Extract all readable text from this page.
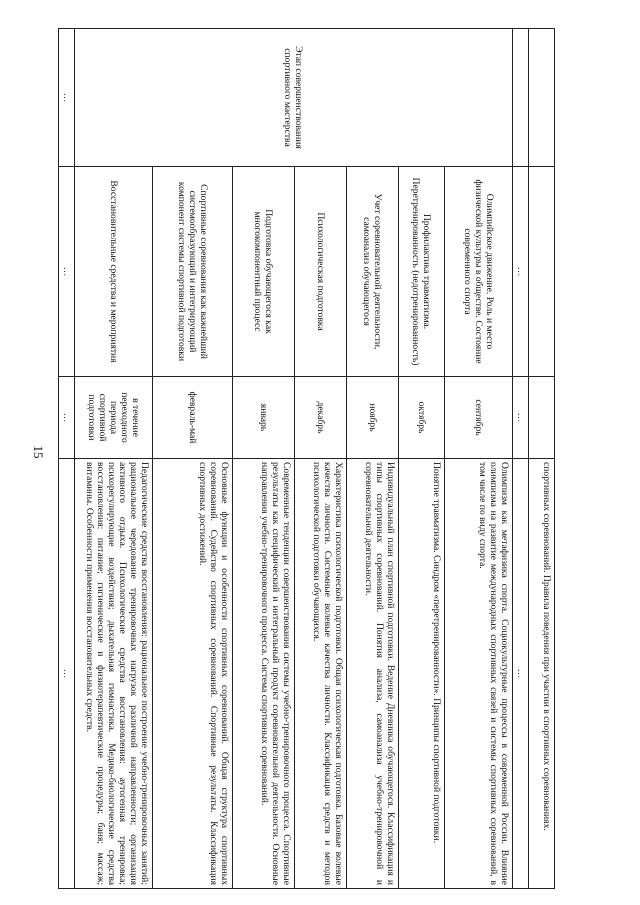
15
			спортивных соревнований. Правила поведения при участии в спортивных соревнованиях.
	…	…	…
Этап совершенствования спортивного мастерства	Олимпийское движение. Роль и место физической культуры в обществе. Состояние современного спорта	сентябрь	Олимпизм как метафизика спорта. Социокультурные процессы в современной России. Влияние олимпизма на развитие международных спортивных связей и системы спортивных соревнований, в том числе по виду спорта.
	Профилактика травматизма. Перетренированность (недотренированность)	октябрь	Понятие травматизма. Синдром «перетренированности». Принципы спортивной подготовки.
	Учет соревновательной деятельности, самоанализ обучающегося	ноябрь	Индивидуальный план спортивной подготовки. Ведение Дневника обучающегося. Классификация и типы спортивных соревнований. Понятия анализа, самоанализа учебно-тренировочной и соревновательной деятельности.
	Психологическая подготовка	декабрь	Характеристика психологической подготовки. Общая психологическая подготовка. Базовые волевые качества личности. Системные волевые качества личности. Классификация средств и методов психологической подготовки обучающихся.
	Подготовка обучающегося как многокомпонентный процесс	январь	Современные тенденции совершенствования системы учебно-тренировочного процесса. Спортивные результаты как специфический и интегральный продукт соревновательной деятельности. Основные направления учебно-тренировочного процесса. Система спортивных соревнований.
	Спортивные соревнования как важнейший системообразующий и интегрирующий компонент системы спортивной подготовки	февраль-май	Основные функции и особенности спортивных соревнований. Общая структура спортивных соревнований. Судейство спортивных соревнований. Спортивные результаты. Классификация спортивных достижений.
	Восстановительные средства и мероприятия	в течение переходного периода спортивной подготовки	Педагогические средства восстановления: рациональное построение учебно-тренировочных занятий; рациональное чередование тренировочных нагрузок различной направленности; организация активного отдыха. Психологические средства восстановления: аутогенная тренировка; психорегулирующие воздействия; дыхательная гимнастика. Медико-биологические средства восстановления: питание; гигиенические и физиотерапевтические процедуры; баня; массаж; витамины. Особенности применения восстановительных средств.
…	…	…	…
